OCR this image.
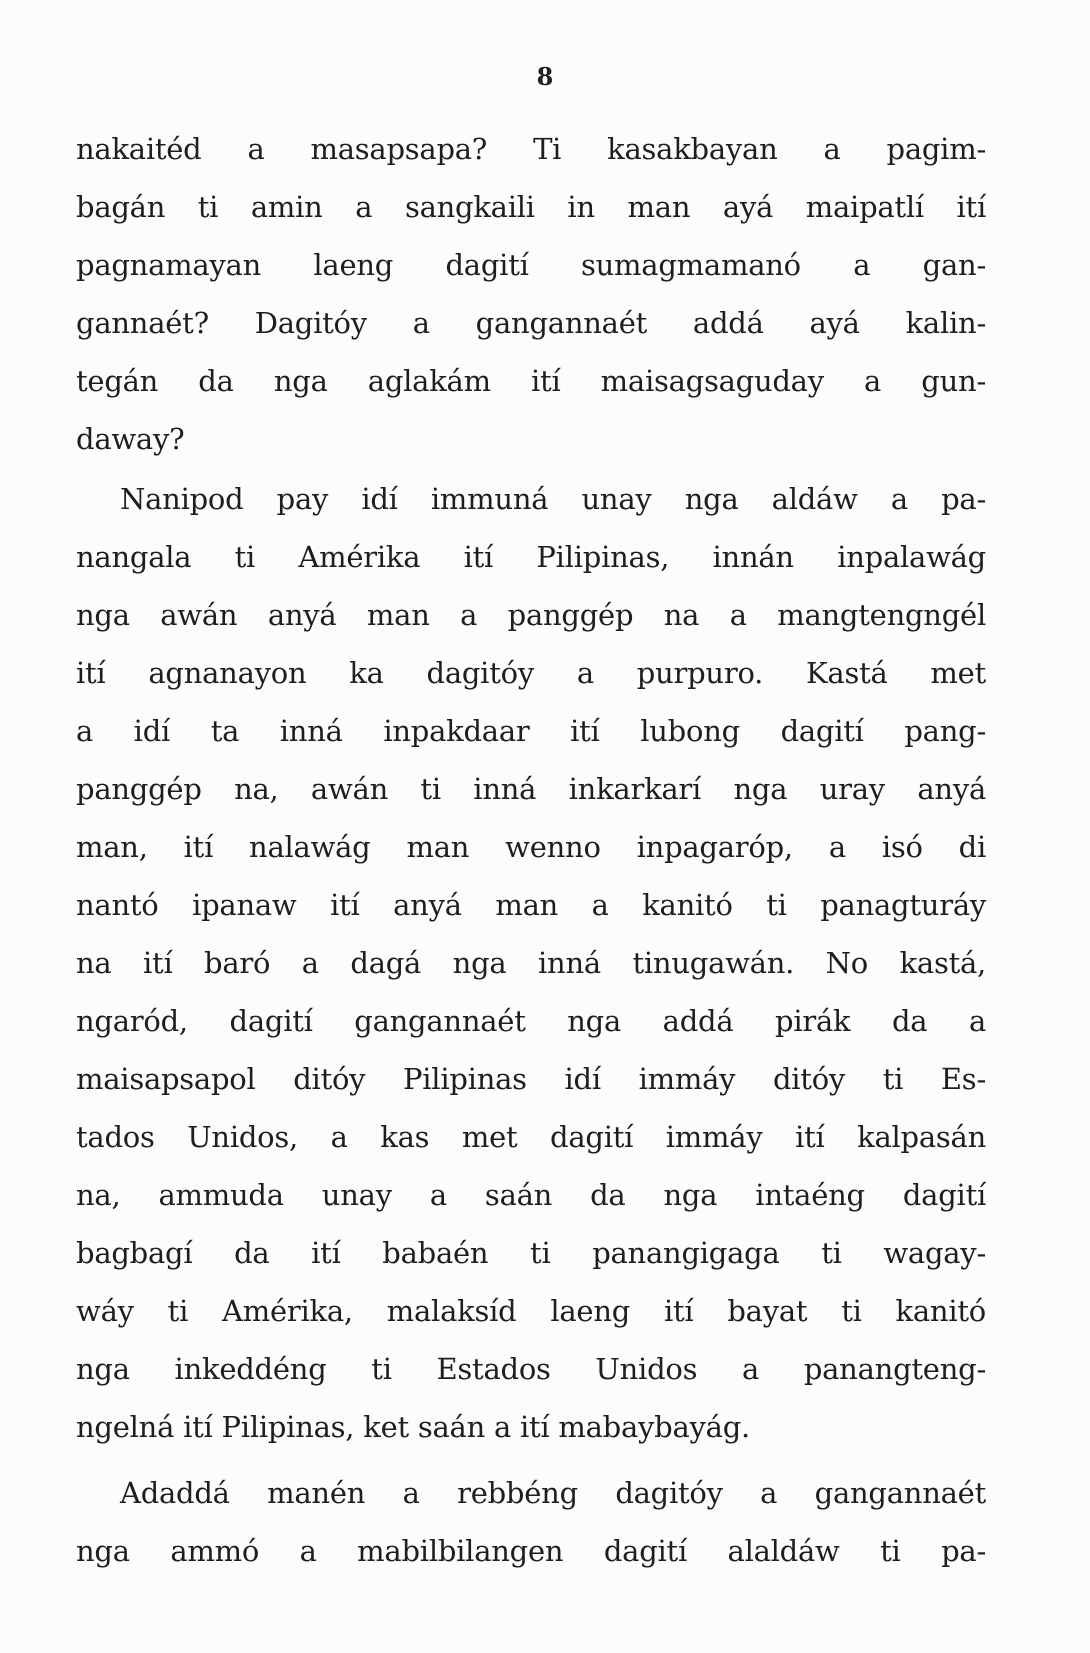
8
nakaitéd a masapsapa? Ti kasakbayan a pagim-
bagán ti amin a sangkaili in man ayá maipatlí ití
pagnamayan laeng dagití sumagmamanó a gan-
gannaét? Dagitóy a gangannaét addá ayá kalin-
tegán da nga aglakám ití maisagsaguday a gun-
daway?
Nanipod pay idí immuná unay nga aldáw a pa-
nangala ti Amérika ití Pilipinas, innán inpalawág
nga awán anyá man a panggép na a mangtengngél
ití agnanayon ka dagitóy a purpuro. Kastá met
a idí ta inná inpakdaar ití lubong dagití pang-
panggép na, awán ti inná inkarkarí nga uray anyá
man, ití nalawág man wenno inpagaróp, a isó di
nantó ipanaw ití anyá man a kanitó ti panagturáy
na ití baró a dagá nga inná tinugawán. No kastá,
ngaród, dagití gangannaét nga addá pirák da a
maisapsapol ditóy Pilipinas idí immáy ditóy ti Es-
tados Unidos, a kas met dagití immáy ití kalpasán
na, ammuda unay a saán da nga intaéng dagití
bagbagí da ití babaén ti panangigaga ti wagay-
wáy ti Amérika, malaksíd laeng ití bayat ti kanitó
nga inkeddéng ti Estados Unidos a panangteng-
ngelná ití Pilipinas, ket saán a ití mabaybayág.
Adaddá manén a rebbéng dagitóy a gangannaét
nga ammó a mabilbilangen dagití alaldáw ti pa-
